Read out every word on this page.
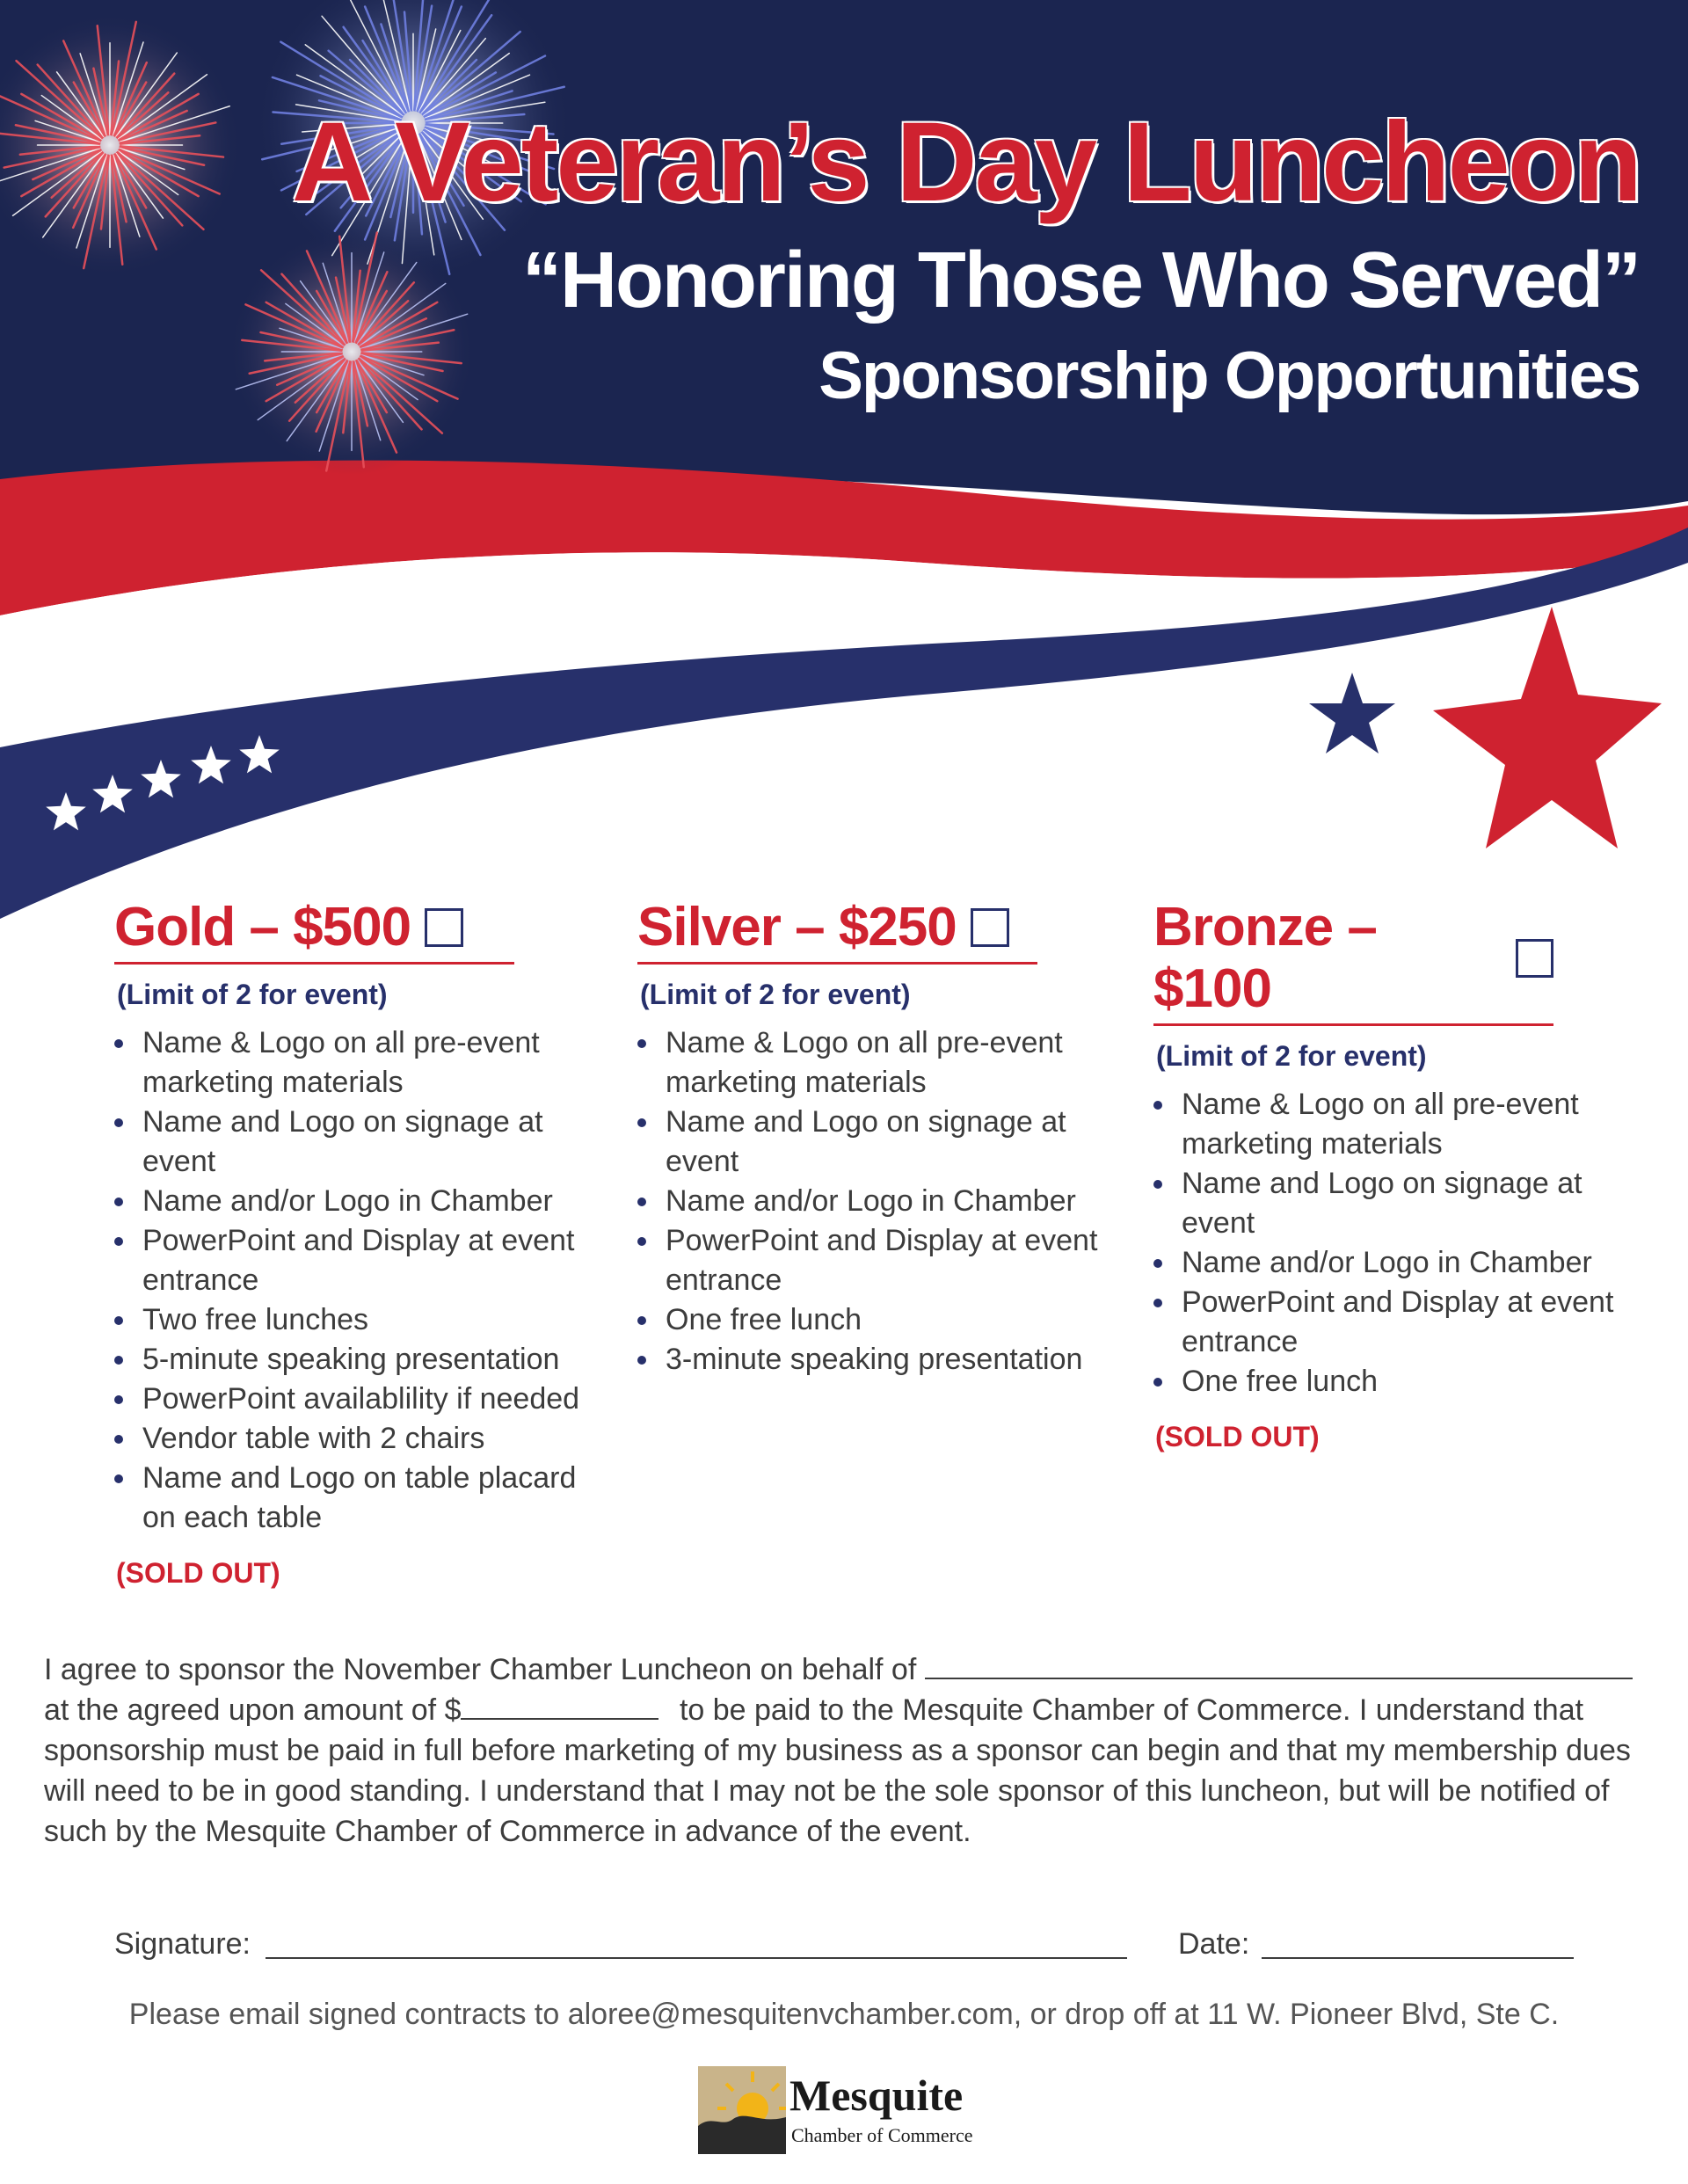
A Veteran’s Day Luncheon
“Honoring Those Who Served”
Sponsorship Opportunities
Gold – $500
(Limit of 2 for event)
Name & Logo on all pre-event marketing materials
Name and Logo on signage at event
Name and/or Logo in Chamber
PowerPoint and Display at event entrance
Two free lunches
5-minute speaking presentation
PowerPoint availablility if needed
Vendor table with 2 chairs
Name and Logo on table placard on each table
(SOLD OUT)
Silver – $250
(Limit of 2 for event)
Name & Logo on all pre-event marketing materials
Name and Logo on signage at event
Name and/or Logo in Chamber
PowerPoint and Display at event entrance
One free lunch
3-minute speaking presentation
Bronze – $100
(Limit of 2 for event)
Name & Logo on all pre-event marketing materials
Name and Logo on signage at event
Name and/or Logo in Chamber
PowerPoint and Display at event entrance
One free lunch
(SOLD OUT)
I agree to sponsor the November Chamber Luncheon on behalf of
at the agreed upon amount of $	to be paid to the Mesquite Chamber of Commerce. I understand that sponsorship must be paid in full before marketing of my business as a sponsor can begin and that my membership dues will need to be in good standing. I understand that I may not be the sole sponsor of this luncheon, but will be notified of such by the Mesquite Chamber of Commerce in advance of the event.
Signature:	Date:
Please email signed contracts to aloree@mesquitenvchamber.com, or drop off at 11 W. Pioneer Blvd, Ste C.
Mesquite
Chamber of Commerce
